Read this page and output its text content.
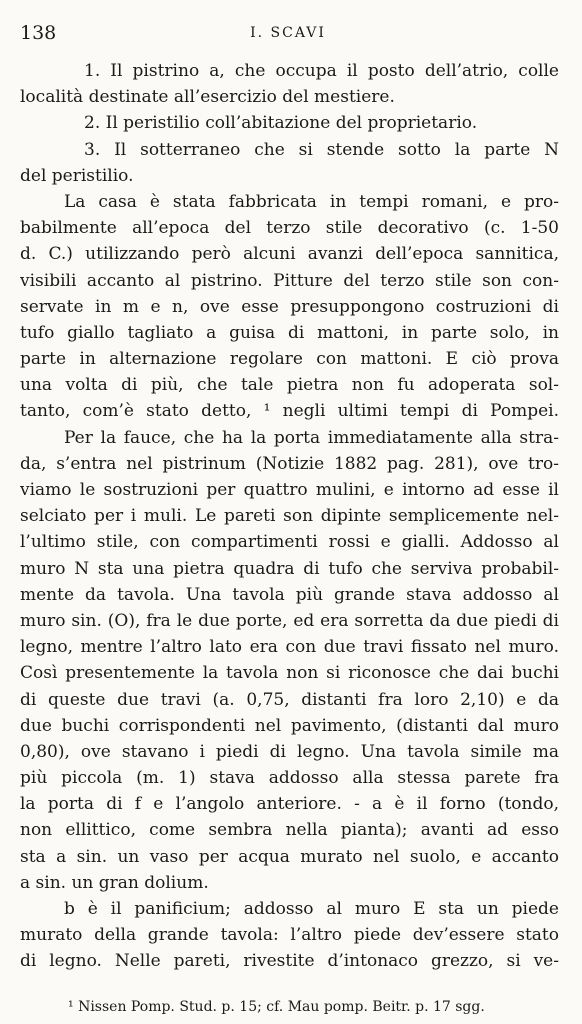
138	I. SCAVI
1. Il pistrino a, che occupa il posto dell’atrio, colle
località destinate all’esercizio del mestiere.
2. Il peristilio coll’abitazione del proprietario.
3. Il sotterraneo che si stende sotto la parte N
del peristilio.
La casa è stata fabbricata in tempi romani, e pro-
babilmente all’epoca del terzo stile decorativo (c. 1-50
d. C.) utilizzando però alcuni avanzi dell’epoca sannitica,
visibili accanto al pistrino. Pitture del terzo stile son con-
servate in m e n, ove esse presuppongono costruzioni di
tufo giallo tagliato a guisa di mattoni, in parte solo, in
parte in alternazione regolare con mattoni. E ciò prova
una volta di più, che tale pietra non fu adoperata sol-
tanto, com’è stato detto, ¹ negli ultimi tempi di Pompei.
Per la fauce, che ha la porta immediatamente alla stra-
da, s’entra nel pistrinum (Notizie 1882 pag. 281), ove tro-
viamo le sostruzioni per quattro mulini, e intorno ad esse il
selciato per i muli. Le pareti son dipinte semplicemente nel-
l’ultimo stile, con compartimenti rossi e gialli. Addosso al
muro N sta una pietra quadra di tufo che serviva probabil-
mente da tavola. Una tavola più grande stava addosso al
muro sin. (O), fra le due porte, ed era sorretta da due piedi di
legno, mentre l’altro lato era con due travi fissato nel muro.
Così presentemente la tavola non si riconosce che dai buchi
di queste due travi (a. 0,75, distanti fra loro 2,10) e da
due buchi corrispondenti nel pavimento, (distanti dal muro
0,80), ove stavano i piedi di legno. Una tavola simile ma
più piccola (m. 1) stava addosso alla stessa parete fra
la porta di f e l’angolo anteriore. - a è il forno (tondo,
non ellittico, come sembra nella pianta); avanti ad esso
sta a sin. un vaso per acqua murato nel suolo, e accanto
a sin. un gran dolium.
b è il panificium; addosso al muro E sta un piede
murato della grande tavola: l’altro piede dev’essere stato
di legno. Nelle pareti, rivestite d’intonaco grezzo, si ve-
¹ Nissen Pomp. Stud. p. 15; cf. Mau pomp. Beitr. p. 17 sgg.
